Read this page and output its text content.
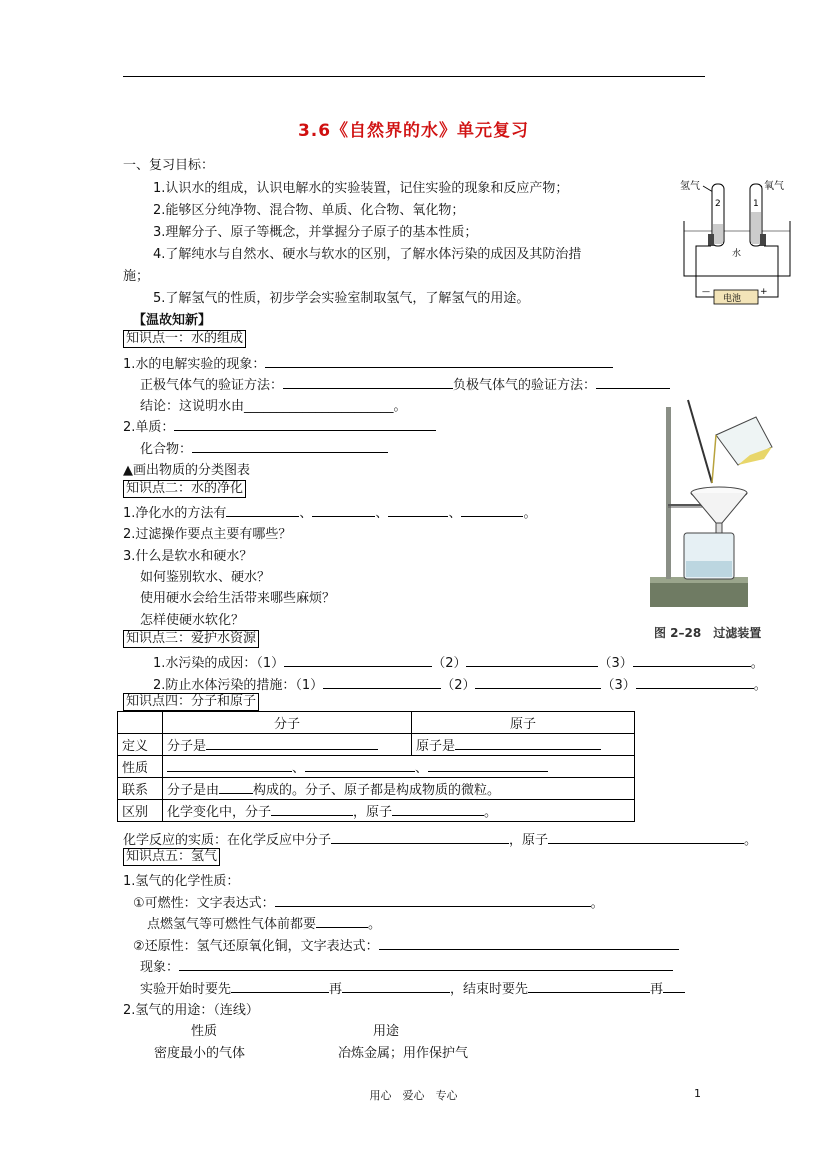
3.6《自然界的水》单元复习
一、复习目标：
1.认识水的组成，认识电解水的实验装置，记住实验的现象和反应产物；
2.能够区分纯净物、混合物、单质、化合物、氧化物；
3.理解分子、原子等概念，并掌握分子原子的基本性质；
4.了解纯水与自然水、硬水与软水的区别，了解水体污染的成因及其防治措
施；
5.了解氢气的性质，初步学会实验室制取氢气，了解氢气的用途。
【温故知新】
氢气	氧气
2	1
水
电池
—	+
知识点一：水的组成
1.水的电解实验的现象：
正极气体气的验证方法：	负极气体气的验证方法：
结论：这说明水由_______________________。
2.单质：
化合物：
▲画出物质的分类图表
知识点二：水的净化
1.净化水的方法有	、	、	、	。
2.过滤操作要点主要有哪些？
3.什么是软水和硬水？
如何鉴别软水、硬水？
使用硬水会给生活带来哪些麻烦？
怎样使硬水软化？
图 2–28　过滤装置
知识点三：爱护水资源
1.水污染的成因：（1）	（2）	（3）	。
2.防止水体污染的措施：（1）	（2）	（3）	。
知识点四：分子和原子
	分子	原子
定义	分子是	原子是
性质	、 、	
联系	分子是由 构成的。分子、原子都是构成物质的微粒。	
区别	化学变化中，分子 ，原子 。	
化学反应的实质：在化学反应中分子	，原子	。
知识点五：氢气
1.氢气的化学性质：
①可燃性：文字表达式：	。
点燃氢气等可燃性气体前都要	。
②还原性：氢气还原氧化铜，文字表达式：
现象：
实验开始时要先	再	，结束时要先	再
2.氢气的用途：（连线）
性质	用途
密度最小的气体	冶炼金属；用作保护气
用心　爱心　专心	1
